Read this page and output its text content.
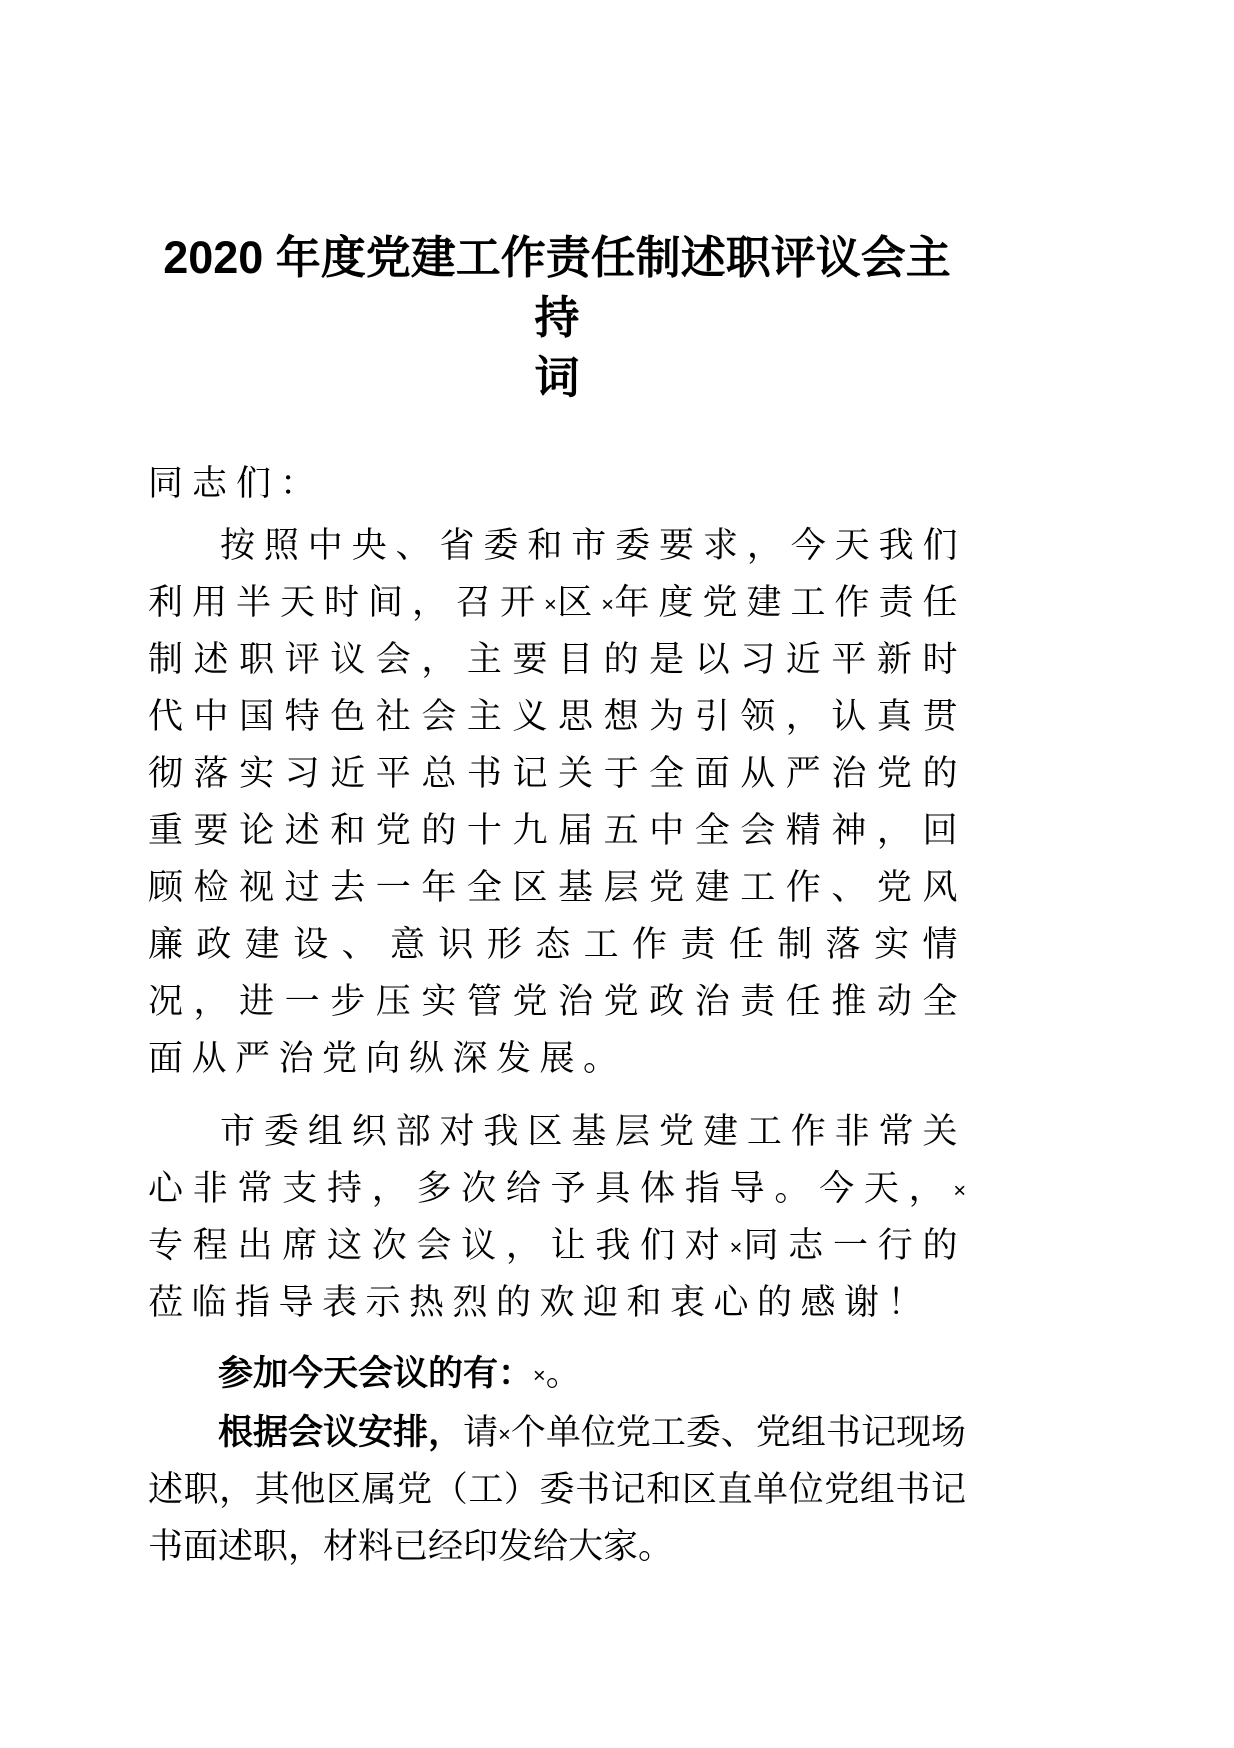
2020 年度党建工作责任制述职评议会主持
词

同志们：

按照中央、省委和市委要求，今天我们利用半天时间，召开×区×年度党建工作责任制述职评议会，主要目的是以习近平新时代中国特色社会主义思想为引领，认真贯彻落实习近平总书记关于全面从严治党的重要论述和党的十九届五中全会精神，回顾检视过去一年全区基层党建工作、党风廉政建设、意识形态工作责任制落实情况，进一步压实管党治党政治责任推动全面从严治党向纵深发展。

市委组织部对我区基层党建工作非常关心非常支持，多次给予具体指导。今天，×专程出席这次会议，让我们对×同志一行的莅临指导表示热烈的欢迎和衷心的感谢！

参加今天会议的有：×。

根据会议安排，请×个单位党工委、党组书记现场述职，其他区属党（工）委书记和区直单位党组书记书面述职，材料已经印发给大家。
